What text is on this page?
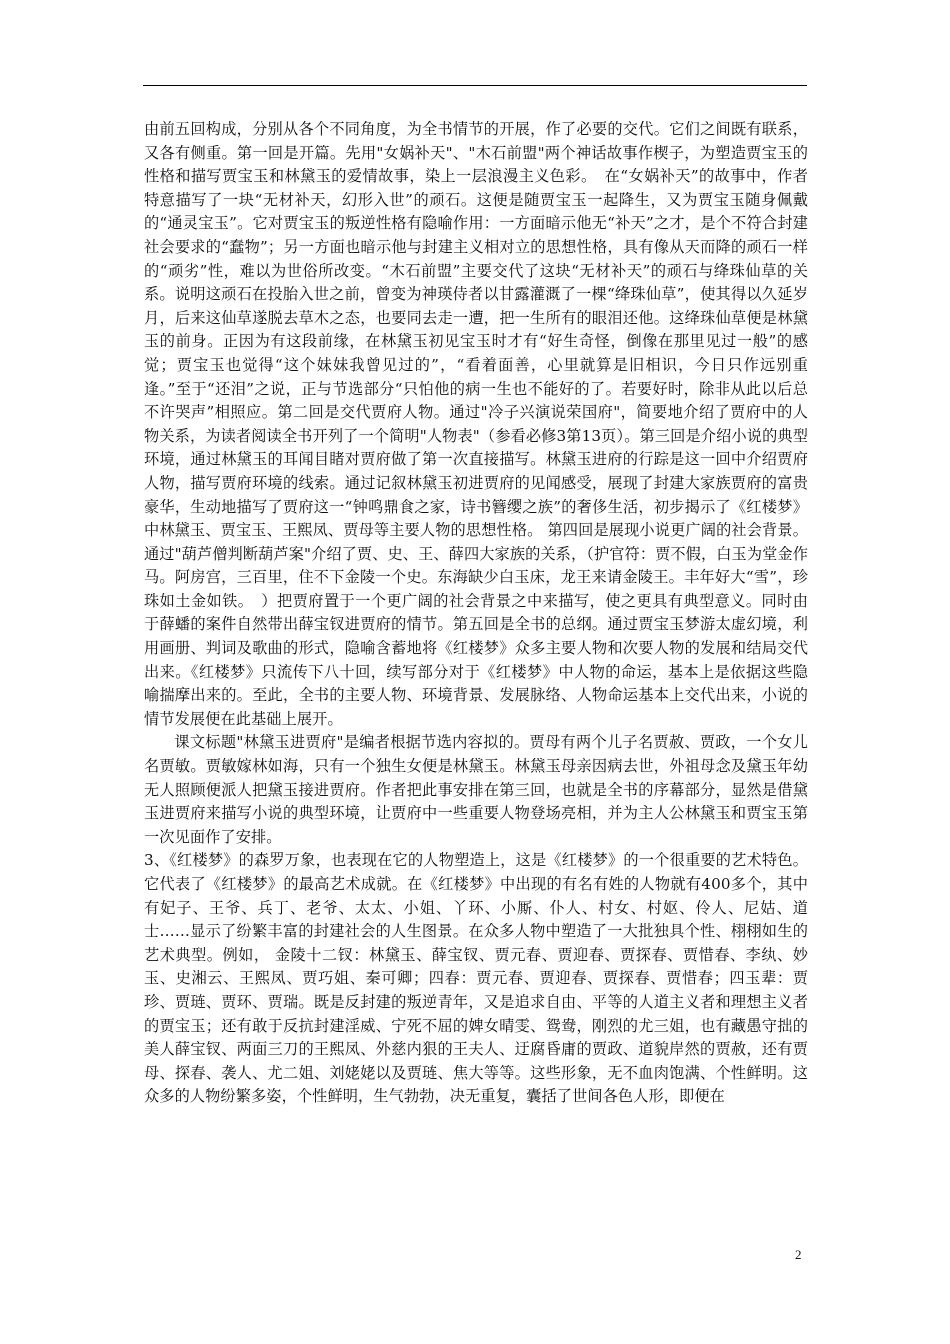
由前五回构成，分别从各个不同角度，为全书情节的开展，作了必要的交代。它们之间既有联系，又各有侧重。第一回是开篇。先用"女娲补天"、"木石前盟"两个神话故事作楔子，为塑造贾宝玉的性格和描写贾宝玉和林黛玉的爱情故事，染上一层浪漫主义色彩。　在“女娲补天”的故事中，作者特意描写了一块“无材补天，幻形入世”的顽石。这便是随贾宝玉一起降生，又为贾宝玉随身佩戴的“通灵宝玉”。它对贾宝玉的叛逆性格有隐喻作用：一方面暗示他无“补天”之才，是个不符合封建社会要求的“蠢物”；另一方面也暗示他与封建主义相对立的思想性格，具有像从天而降的顽石一样的“顽劣”性，难以为世俗所改变。“木石前盟”主要交代了这块“无材补天”的顽石与绛珠仙草的关系。说明这顽石在投胎入世之前，曾变为神瑛侍者以甘露灌溉了一棵“绛珠仙草”，使其得以久延岁月，后来这仙草遂脱去草木之态，也要同去走一遭，把一生所有的眼泪还他。这绛珠仙草便是林黛玉的前身。正因为有这段前缘，在林黛玉初见宝玉时才有“好生奇怪，倒像在那里见过一般”的感觉；贾宝玉也觉得“这个妹妹我曾见过的”，“看着面善，心里就算是旧相识，今日只作远别重逢。”至于“还泪”之说，正与节选部分“只怕他的病一生也不能好的了。若要好时，除非从此以后总不许哭声”相照应。第二回是交代贾府人物。通过"冷子兴演说荣国府"，简要地介绍了贾府中的人物关系，为读者阅读全书开列了一个简明"人物表"（参看必修3第13页）。第三回是介绍小说的典型环境，通过林黛玉的耳闻目睹对贾府做了第一次直接描写。林黛玉进府的行踪是这一回中介绍贾府人物，描写贾府环境的线索。通过记叙林黛玉初进贾府的见闻感受，展现了封建大家族贾府的富贵豪华，生动地描写了贾府这一“钟鸣鼎食之家，诗书簪缨之族”的奢侈生活，初步揭示了《红楼梦》中林黛玉、贾宝玉、王熙凤、贾母等主要人物的思想性格。 第四回是展现小说更广阔的社会背景。通过"葫芦僧判断葫芦案"介绍了贾、史、王、薛四大家族的关系，（护官符：贾不假，白玉为堂金作马。阿房宫，三百里，住不下金陵一个史。东海缺少白玉床，龙王来请金陵王。丰年好大“雪”，珍珠如土金如铁。　）把贾府置于一个更广阔的社会背景之中来描写，使之更具有典型意义。同时由于薛蟠的案件自然带出薛宝钗进贾府的情节。第五回是全书的总纲。通过贾宝玉梦游太虚幻境，利用画册、判词及歌曲的形式，隐喻含蓄地将《红楼梦》众多主要人物和次要人物的发展和结局交代出来。《红楼梦》只流传下八十回，续写部分对于《红楼梦》中人物的命运，基本上是依据这些隐喻揣摩出来的。至此，全书的主要人物、环境背景、发展脉络、人物命运基本上交代出来，小说的情节发展便在此基础上展开。

课文标题"林黛玉进贾府"是编者根据节选内容拟的。贾母有两个儿子名贾赦、贾政，一个女儿名贾敏。贾敏嫁林如海，只有一个独生女便是林黛玉。林黛玉母亲因病去世，外祖母念及黛玉年幼无人照顾便派人把黛玉接进贾府。作者把此事安排在第三回，也就是全书的序幕部分，显然是借黛玉进贾府来描写小说的典型环境，让贾府中一些重要人物登场亮相，并为主人公林黛玉和贾宝玉第一次见面作了安排。

3、《红楼梦》的森罗万象，也表现在它的人物塑造上，这是《红楼梦》的一个很重要的艺术特色。它代表了《红楼梦》的最高艺术成就。在《红楼梦》中出现的有名有姓的人物就有400多个，其中有妃子、王爷、兵丁、老爷、太太、小姐、丫环、小厮、仆人、村女、村妪、伶人、尼姑、道士……显示了纷繁丰富的封建社会的人生图景。在众多人物中塑造了一大批独具个性、栩栩如生的艺术典型。例如， 金陵十二钗：林黛玉、薛宝钗、贾元春、贾迎春、贾探春、贾惜春、李纨、妙玉、史湘云、王熙凤、贾巧姐、秦可卿；四春：贾元春、贾迎春、贾探春、贾惜春；四玉辈：贾珍、贾琏、贾环、贾瑞。既是反封建的叛逆青年，又是追求自由、平等的人道主义者和理想主义者的贾宝玉；还有敢于反抗封建淫威、宁死不屈的婢女晴雯、鸳鸯，刚烈的尤三姐，也有藏愚守拙的美人薛宝钗、两面三刀的王熙凤、外慈内狠的王夫人、迂腐昏庸的贾政、道貌岸然的贾赦，还有贾母、探春、袭人、尤二姐、刘姥姥以及贾琏、焦大等等。这些形象，无不血肉饱满、个性鲜明。这众多的人物纷繁多姿，个性鲜明，生气勃勃，决无重复，囊括了世间各色人形，即便在

2
